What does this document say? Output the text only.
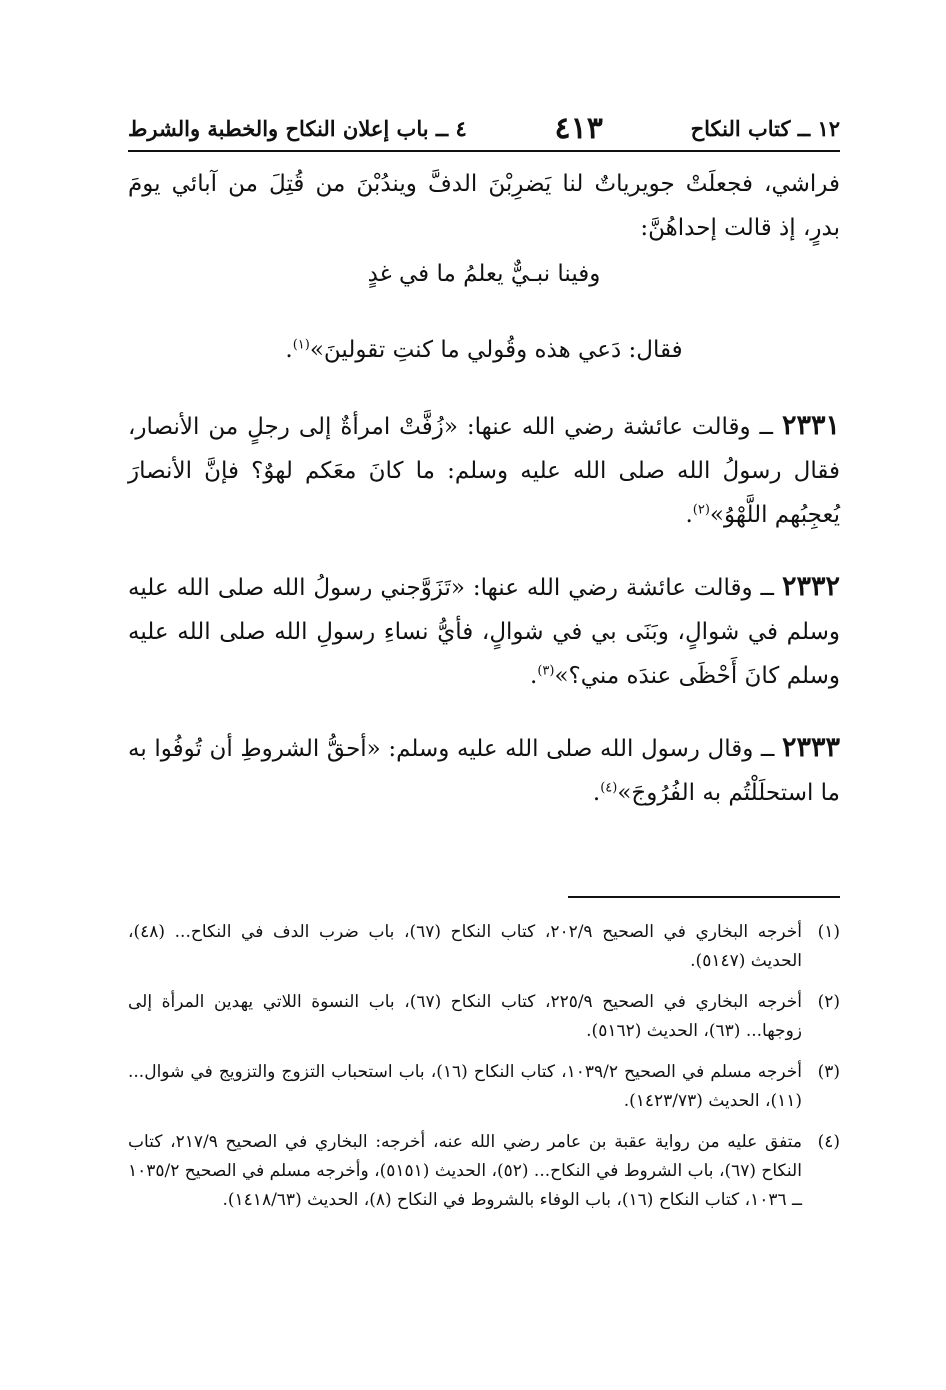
١٢ ــ كتاب النكاح
٤١٣
٤ ــ باب إعلان النكاح والخطبة والشرط

فراشي، فجعلَتْ جويرياتٌ لنا يَضرِبْنَ الدفَّ ويندُبْنَ من قُتِلَ من آبائي يومَ بدرٍ، إذ قالت إحداهُنَّ:

وفينا نبـيٌّ يعلمُ ما في غدٍ

فقال: دَعي هذه وقُولي ما كنتِ تقولينَ»$^{(١)}$.

٢٣٣١ ــ وقالت عائشة رضي الله عنها: «زُفَّتْ امرأةٌ إلى رجلٍ من الأنصار، فقال رسولُ الله صلى الله عليه وسلم: ما كانَ معَكم لهوٌ؟ فإنَّ الأنصارَ يُعجِبُهم اللَّهْوُ»$^{(٢)}$.

٢٣٣٢ ــ وقالت عائشة رضي الله عنها: «تَزَوَّجني رسولُ الله صلى الله عليه وسلم في شوالٍ، وبَنَى بي في شوالٍ، فأيُّ نساءِ رسولِ الله صلى الله عليه وسلم كانَ أَحْظَى عندَه مني؟»$^{(٣)}$.

٢٣٣٣ ــ وقال رسول الله صلى الله عليه وسلم: «أحقُّ الشروطِ أن تُوفُوا به ما استحلَلْتُم به الفُرُوجَ»$^{(٤)}$.

(١)
أخرجه البخاري في الصحيح ٢٠٢/٩، كتاب النكاح (٦٧)، باب ضرب الدف في النكاح... (٤٨)، الحديث (٥١٤٧).
(٢)
أخرجه البخاري في الصحيح ٢٢٥/٩، كتاب النكاح (٦٧)، باب النسوة اللاتي يهدين المرأة إلى زوجها... (٦٣)، الحديث (٥١٦٢).
(٣)
أخرجه مسلم في الصحيح ١٠٣٩/٢، كتاب النكاح (١٦)، باب استحباب التزوج والتزويج في شوال... (١١)، الحديث (١٤٢٣/٧٣).
(٤)
متفق عليه من رواية عقبة بن عامر رضي الله عنه، أخرجه: البخاري في الصحيح ٢١٧/٩، كتاب النكاح (٦٧)، باب الشروط في النكاح... (٥٢)، الحديث (٥١٥١)، وأخرجه مسلم في الصحيح ١٠٣٥/٢ ــ ١٠٣٦، كتاب النكاح (١٦)، باب الوفاء بالشروط في النكاح (٨)، الحديث (١٤١٨/٦٣).
